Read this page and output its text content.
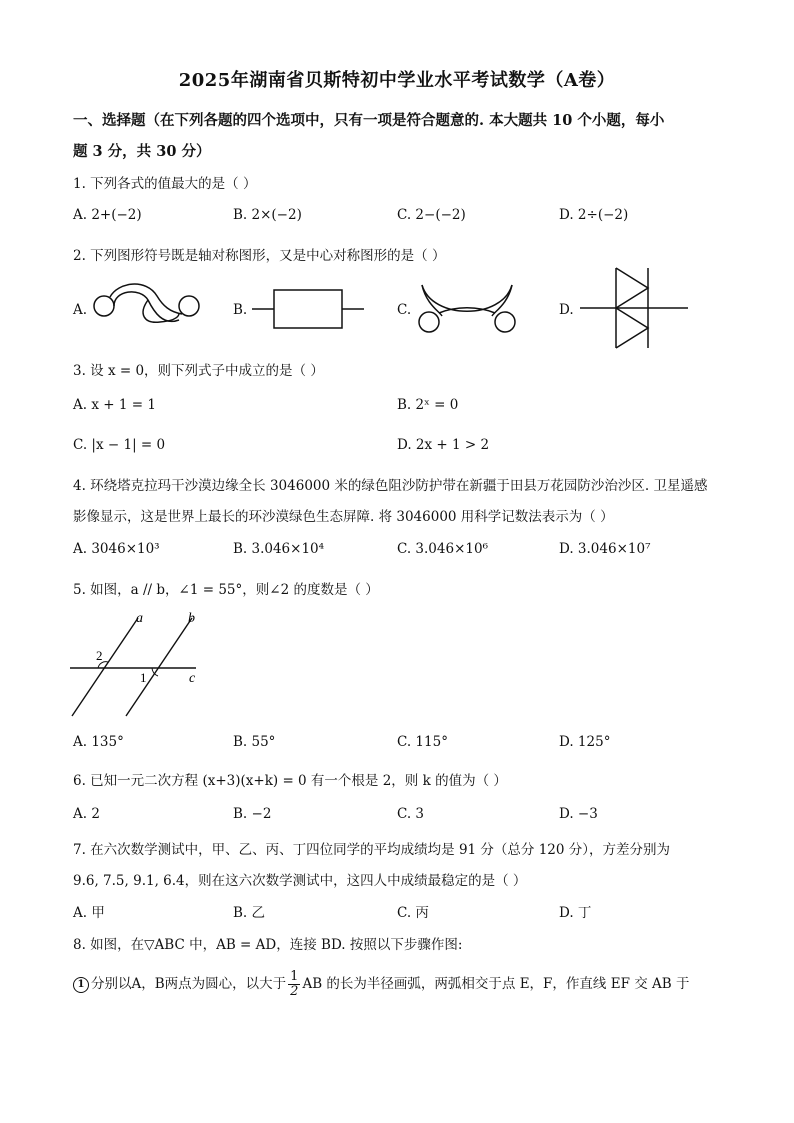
2025年湖南省贝斯特初中学业水平考试数学（A卷）
一、选择题（在下列各题的四个选项中，只有一项是符合题意的. 本大题共 10 个小题，每小
题 3 分，共 30 分）
1. 下列各式的值最大的是（ ）
A. 2+(−2)	B. 2×(−2)	C. 2−(−2)	D. 2÷(−2)
2. 下列图形符号既是轴对称图形，又是中心对称图形的是（ ）
A.	B.	C.	D.
3. 设 x = 0，则下列式子中成立的是（ ）
A. x + 1 = 1	B. 2ˣ = 0
C. |x − 1| = 0	D. 2x + 1 > 2
4. 环绕塔克拉玛干沙漠边缘全长 3046000 米的绿色阻沙防护带在新疆于田县万花园防沙治沙区. 卫星遥感
影像显示，这是世界上最长的环沙漠绿色生态屏障. 将 3046000 用科学记数法表示为（ ）
A. 3046×10³	B. 3.046×10⁴	C. 3.046×10⁶	D. 3.046×10⁷
5. 如图，a // b，∠1 = 55°，则∠2 的度数是（ ）
a	b
c
2
1
A. 135°	B. 55°	C. 115°	D. 125°
6. 已知一元二次方程 (x+3)(x+k) = 0 有一个根是 2，则 k 的值为（ ）
A. 2	B. −2	C. 3	D. −3
7. 在六次数学测试中，甲、乙、丙、丁四位同学的平均成绩均是 91 分（总分 120 分），方差分别为
9.6, 7.5, 9.1, 6.4，则在这六次数学测试中，这四人中成绩最稳定的是（ ）
A. 甲	B. 乙	C. 丙	D. 丁
8. 如图，在▽ABC 中，AB = AD，连接 BD. 按照以下步骤作图:
1 分别以A，B两点为圆心，以大于 $\frac{1}{2}$ AB 的长为半径画弧，两弧相交于点 E，F，作直线 EF 交 AB 于
